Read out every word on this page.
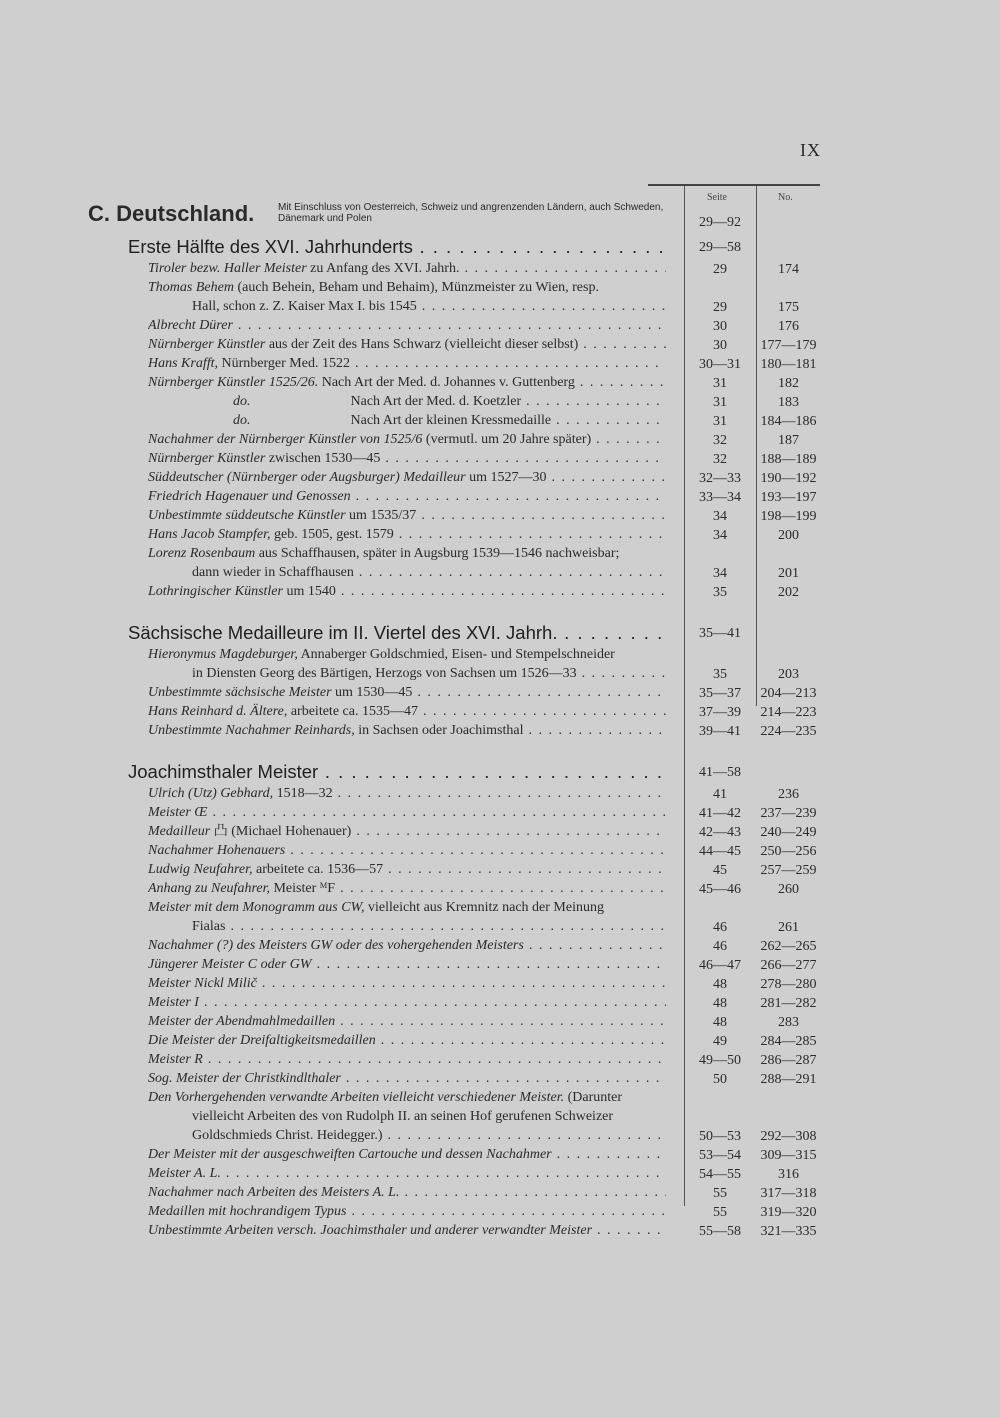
IX
Seite	No.
C. Deutschland. Mit Einschluss von Oesterreich, Schweiz und angrenzenden Ländern, auch Schweden, Dänemark und Polen	29—92
Erste Hälfte des XVI. Jahrhunderts . . .	29—58
Tiroler bezw. Haller Meister zu Anfang des XVI. Jahrh. . . .	29	174
Thomas Behem (auch Behein, Beham und Behaim), Münzmeister zu Wien, resp.
Hall, schon z. Z. Kaiser Max I. bis 1545 . . .	29	175
Albrecht Dürer . . .	30	176
Nürnberger Künstler aus der Zeit des Hans Schwarz (vielleicht dieser selbst) . . .	30	177—179
Hans Krafft, Nürnberger Med. 1522 . . .	30—31	180—181
Nürnberger Künstler 1525/26. Nach Art der Med. d. Johannes v. Guttenberg . . .	31	182
do.	Nach Art der Med. d. Koetzler . . .	31	183
do.	Nach Art der kleinen Kressmedaille . . .	31	184—186
Nachahmer der Nürnberger Künstler von 1525/6 (vermutl. um 20 Jahre später) . . .	32	187
Nürnberger Künstler zwischen 1530—45 . . .	32	188—189
Süddeutscher (Nürnberger oder Augsburger) Medailleur um 1527—30 . . .	32—33	190—192
Friedrich Hagenauer und Genossen . . .	33—34	193—197
Unbestimmte süddeutsche Künstler um 1535/37 . . .	34	198—199
Hans Jacob Stampfer, geb. 1505, gest. 1579 . . .	34	200
Lorenz Rosenbaum aus Schaffhausen, später in Augsburg 1539—1546 nachweisbar;
dann wieder in Schaffhausen . . .	34	201
Lothringischer Künstler um 1540 . . .	35	202
Sächsische Medailleure im II. Viertel des XVI. Jahrh. . . .	35—41
Hieronymus Magdeburger, Annaberger Goldschmied, Eisen- und Stempelschneider
in Diensten Georg des Bärtigen, Herzogs von Sachsen um 1526—33 . . .	35	203
Unbestimmte sächsische Meister um 1530—45 . . .	35—37	204—213
Hans Reinhard d. Ältere, arbeitete ca. 1535—47 . . .	37—39	214—223
Unbestimmte Nachahmer Reinhards, in Sachsen oder Joachimsthal . . .	39—41	224—235
Joachimsthaler Meister . . .	41—58
Ulrich (Utz) Gebhard, 1518—32 . . .	41	236
Meister Œ . . .	41—42	237—239
Medailleur 凸 (Michael Hohenauer) . . .	42—43	240—249
Nachahmer Hohenauers . . .	44—45	250—256
Ludwig Neufahrer, arbeitete ca. 1536—57 . . .	45	257—259
Anhang zu Neufahrer, Meister ᴹF . . .	45—46	260
Meister mit dem Monogramm aus CW, vielleicht aus Kremnitz nach der Meinung
Fialas . . .	46	261
Nachahmer (?) des Meisters GW oder des vohergehenden Meisters . . .	46	262—265
Jüngerer Meister C oder GW . . .	46—47	266—277
Meister Nickl Milič . . .	48	278—280
Meister I . . .	48	281—282
Meister der Abendmahlmedaillen . . .	48	283
Die Meister der Dreifaltigkeitsmedaillen . . .	49	284—285
Meister R . . .	49—50	286—287
Sog. Meister der Christkindlthaler . . .	50	288—291
Den Vorhergehenden verwandte Arbeiten vielleicht verschiedener Meister. (Darunter
vielleicht Arbeiten des von Rudolph II. an seinen Hof gerufenen Schweizer
Goldschmieds Christ. Heidegger.) . . .	50—53	292—308
Der Meister mit der ausgeschweiften Cartouche und dessen Nachahmer . . .	53—54	309—315
Meister A. L. . . .	54—55	316
Nachahmer nach Arbeiten des Meisters A. L. . . .	55	317—318
Medaillen mit hochrandigem Typus . . .	55	319—320
Unbestimmte Arbeiten versch. Joachimsthaler und anderer verwandter Meister . . .	55—58	321—335
